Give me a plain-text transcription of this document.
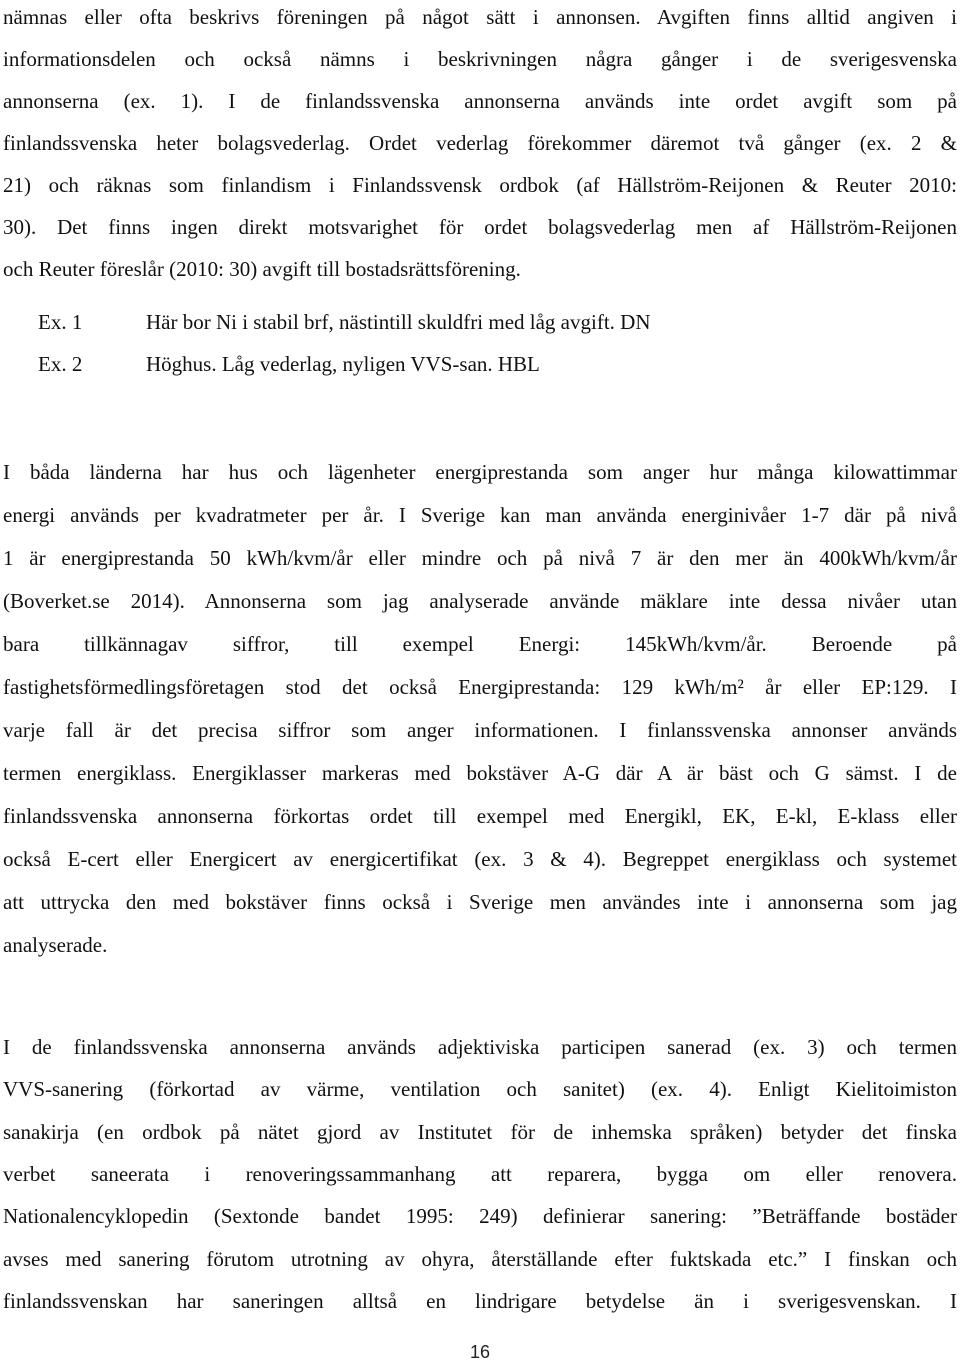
nämnas eller ofta beskrivs föreningen på något sätt i annonsen. Avgiften finns alltid angiven i
informationsdelen och också nämns i beskrivningen några gånger i de sverigesvenska
annonserna (ex. 1). I de finlandssvenska annonserna används inte ordet avgift som på
finlandssvenska heter bolagsvederlag. Ordet vederlag förekommer däremot två gånger (ex. 2 &
21) och räknas som finlandism i Finlandssvensk ordbok (af Hällström-Reijonen & Reuter 2010:
30). Det finns ingen direkt motsvarighet för ordet bolagsvederlag men af Hällström-Reijonen
och Reuter föreslår (2010: 30) avgift till bostadsrättsförening.
Ex. 1	Här bor Ni i stabil brf, nästintill skuldfri med låg avgift. DN
Ex. 2	Höghus. Låg vederlag, nyligen VVS-san. HBL
I båda länderna har hus och lägenheter energiprestanda som anger hur många kilowattimmar
energi används per kvadratmeter per år. I Sverige kan man använda energinivåer 1-7 där på nivå
1 är energiprestanda 50 kWh/kvm/år eller mindre och på nivå 7 är den mer än 400kWh/kvm/år
(Boverket.se 2014). Annonserna som jag analyserade använde mäklare inte dessa nivåer utan
bara tillkännagav siffror, till exempel Energi: 145kWh/kvm/år. Beroende på
fastighetsförmedlingsföretagen stod det också Energiprestanda: 129 kWh/m² år eller EP:129. I
varje fall är det precisa siffror som anger informationen. I finlanssvenska annonser används
termen energiklass. Energiklasser markeras med bokstäver A-G där A är bäst och G sämst. I de
finlandssvenska annonserna förkortas ordet till exempel med Energikl, EK, E-kl, E-klass eller
också E-cert eller Energicert av energicertifikat (ex. 3 & 4). Begreppet energiklass och systemet
att uttrycka den med bokstäver finns också i Sverige men användes inte i annonserna som jag
analyserade.
I de finlandssvenska annonserna används adjektiviska participen sanerad (ex. 3) och termen
VVS-sanering (förkortad av värme, ventilation och sanitet) (ex. 4). Enligt Kielitoimiston
sanakirja (en ordbok på nätet gjord av Institutet för de inhemska språken) betyder det finska
verbet saneerata i renoveringssammanhang att reparera, bygga om eller renovera.
Nationalencyklopedin (Sextonde bandet 1995: 249) definierar sanering: ”Beträffande bostäder
avses med sanering förutom utrotning av ohyra, återställande efter fuktskada etc.” I finskan och
finlandssvenskan har saneringen alltså en lindrigare betydelse än i sverigesvenskan. I
16
